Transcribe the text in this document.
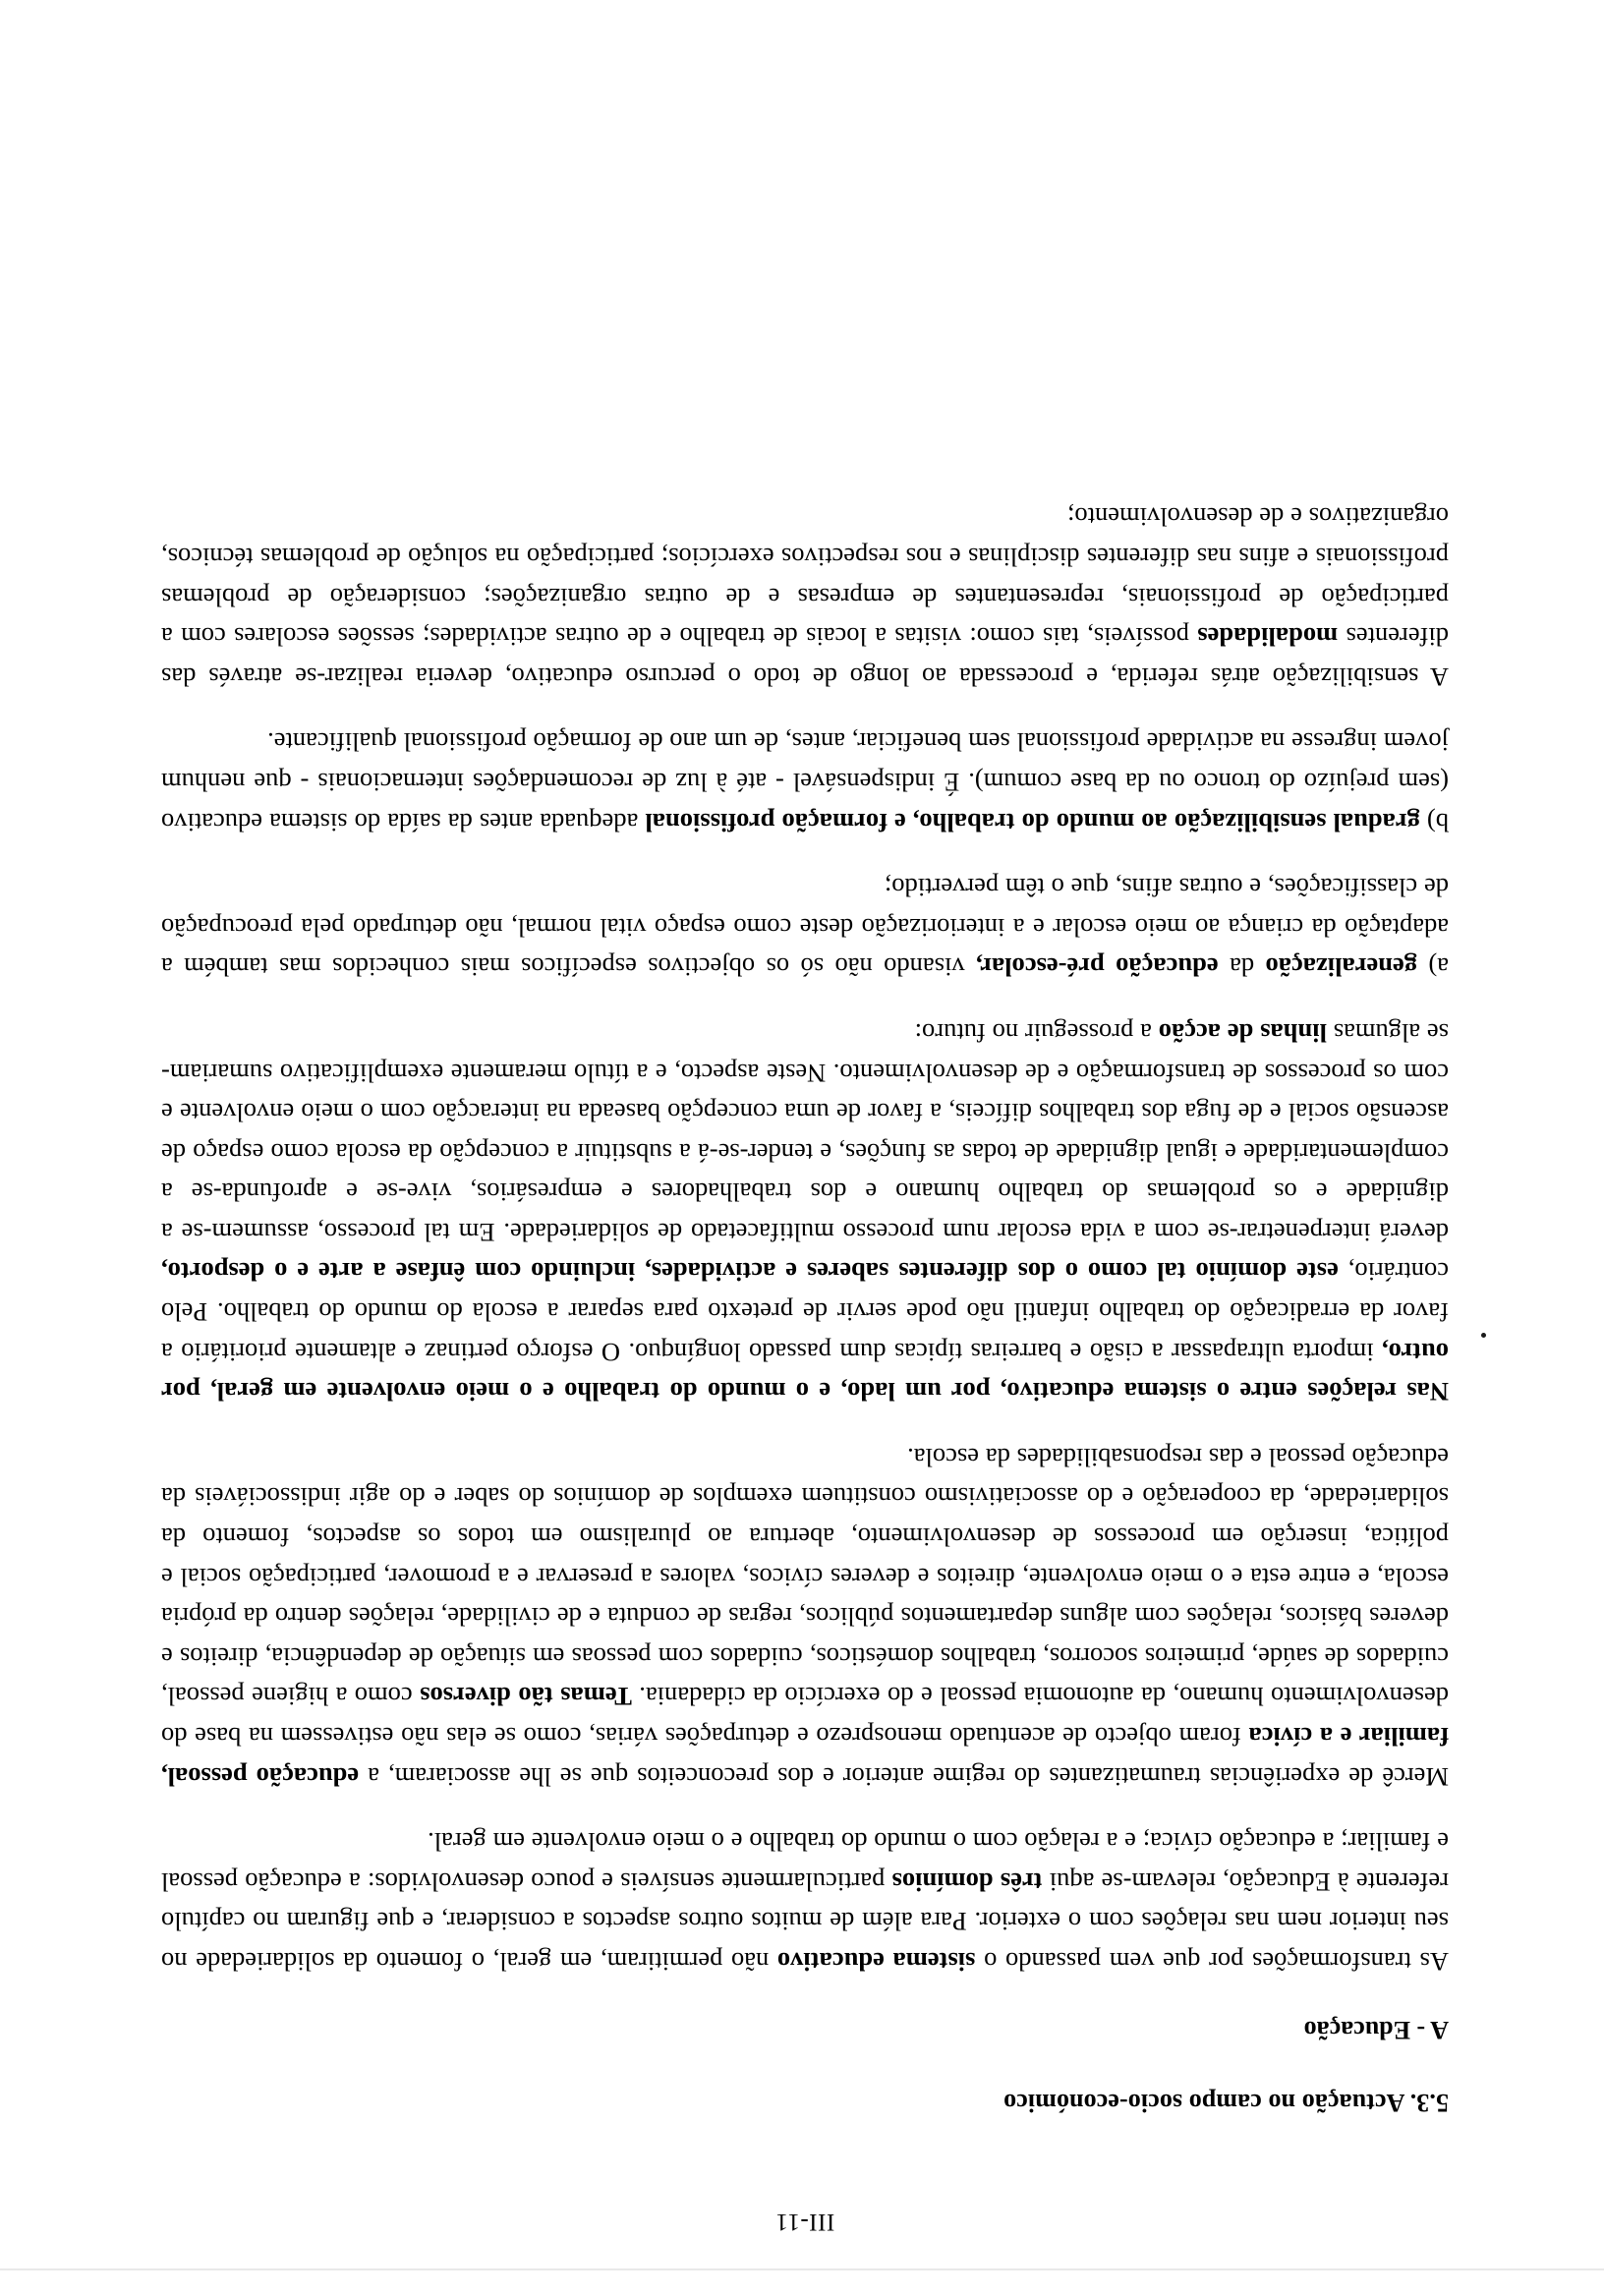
III-11
5.3. Actuação no campo socio-económico
A - Educação

As transformações por que vem passando o sistema educativo não permitiram, em geral, o fomento da solidariedade no seu interior nem nas relações com o exterior. Para além de muitos outros aspectos a considerar, e que figuram no capítulo referente à Educação, relevam-se aqui três domínios particularmente sensíveis e pouco desenvolvidos: a educação pessoal e familiar; a educação cívica; e a relação com o mundo do trabalho e o meio envolvente em geral.

Mercê de experiências traumatizantes do regime anterior e dos preconceitos que se lhe associaram, a educação pessoal, familiar e a cívica foram objecto de acentuado menosprezo e deturpações várias, como se elas não estivessem na base do desenvolvimento humano, da autonomia pessoal e do exercício da cidadania. Temas tão diversos como a higiene pessoal, cuidados de saúde, primeiros socorros, trabalhos domésticos, cuidados com pessoas em situação de dependência, direitos e deveres básicos, relações com alguns departamentos públicos, regras de conduta e de civilidade, relações dentro da própria escola, e entre esta e o meio envolvente, direitos e deveres cívicos, valores a preservar e a promover, participação social e política, inserção em processos de desenvolvimento, abertura ao pluralismo em todos os aspectos, fomento da solidariedade, da cooperação e do associativismo constituem exemplos de domínios do saber e do agir indissociáveis da educação pessoal e das responsabilidades da escola.

Nas relações entre o sistema educativo, por um lado, e o mundo do trabalho e o meio envolvente em geral, por outro, importa ultrapassar a cisão e barreiras típicas dum passado longínquo. O esforço pertinaz e altamente prioritário a favor da erradicação do trabalho infantil não pode servir de pretexto para separar a escola do mundo do trabalho. Pelo contrário, este domínio tal como o dos diferentes saberes e actividades, incluindo com ênfase a arte e o desporto, deverá interpenetrar-se com a vida escolar num processo multifacetado de solidariedade. Em tal processo, assumem-se a dignidade e os problemas do trabalho humano e dos trabalhadores e empresários, vive-se e aprofunda-se a complementaridade e igual dignidade de todas as funções, e tender-se-á a substituir a concepção da escola como espaço de ascensão social e de fuga dos trabalhos difíceis, a favor de uma concepção baseada na interacção com o meio envolvente e com os processos de transformação e de desenvolvimento. Neste aspecto, e a título meramente exemplificativo sumariam-se algumas linhas de acção a prosseguir no futuro:

a) generalização da educação pré-escolar, visando não só os objectivos específicos mais conhecidos mas também a adaptação da criança ao meio escolar e a interiorização deste como espaço vital normal, não deturpado pela preocupação de classificações, e outras afins, que o têm pervertido;

b) gradual sensibilização ao mundo do trabalho, e formação profissional adequada antes da saída do sistema educativo (sem prejuízo do tronco ou da base comum). É indispensável - até à luz de recomendações internacionais - que nenhum jovem ingresse na actividade profissional sem beneficiar, antes, de um ano de formação profissional qualificante.

A sensibilização atrás referida, e processada ao longo de todo o percurso educativo, deveria realizar-se através das diferentes modalidades possíveis, tais como: visitas a locais de trabalho e de outras actividades; sessões escolares com a participação de profissionais, representantes de empresas e de outras organizações; consideração de problemas profissionais e afins nas diferentes disciplinas e nos respectivos exercícios; participação na solução de problemas técnicos, organizativos e de desenvolvimento;
